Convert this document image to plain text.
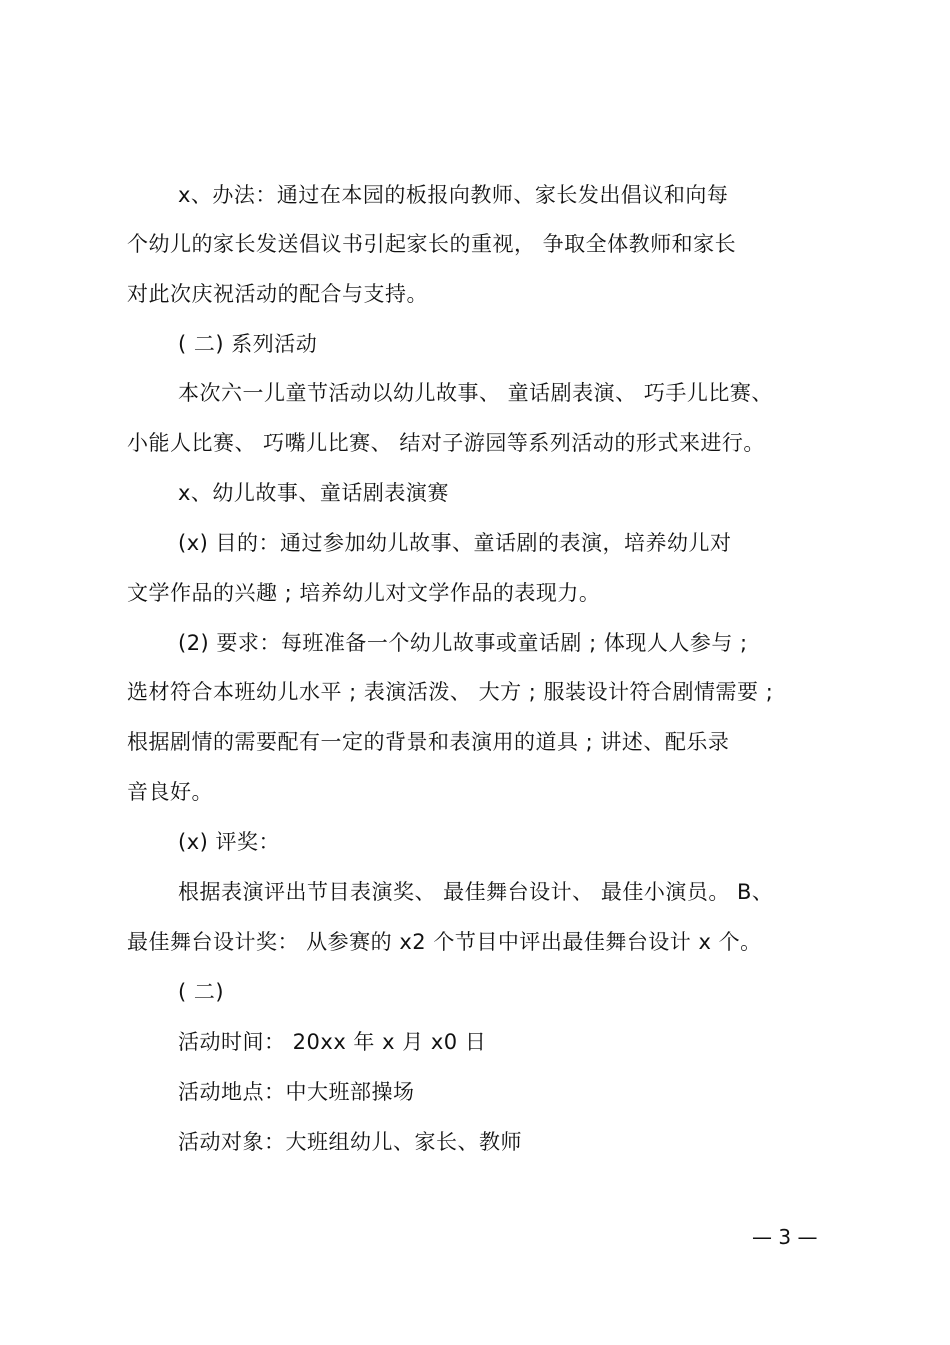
x、办法：通过在本园的板报向教师、家长发出倡议和向每
个幼儿的家长发送倡议书引起家长的重视， 争取全体教师和家长
对此次庆祝活动的配合与支持。
( 二) 系列活动
本次六一儿童节活动以幼儿故事、 童话剧表演、 巧手儿比赛、
小能人比赛、 巧嘴儿比赛、 结对子游园等系列活动的形式来进行。
x、幼儿故事、童话剧表演赛
(x) 目的：通过参加幼儿故事、童话剧的表演，培养幼儿对
文学作品的兴趣 ; 培养幼儿对文学作品的表现力。
(2) 要求：每班准备一个幼儿故事或童话剧 ; 体现人人参与 ;
选材符合本班幼儿水平 ; 表演活泼、 大方 ; 服装设计符合剧情需要 ;
根据剧情的需要配有一定的背景和表演用的道具 ; 讲述、配乐录
音良好。
(x) 评奖：
根据表演评出节目表演奖、 最佳舞台设计、 最佳小演员。 B、
最佳舞台设计奖： 从参赛的 x2 个节目中评出最佳舞台设计 x 个。
( 二)
活动时间： 20xx 年 x 月 x0 日
活动地点：中大班部操场
活动对象：大班组幼儿、家长、教师
— 3 —
